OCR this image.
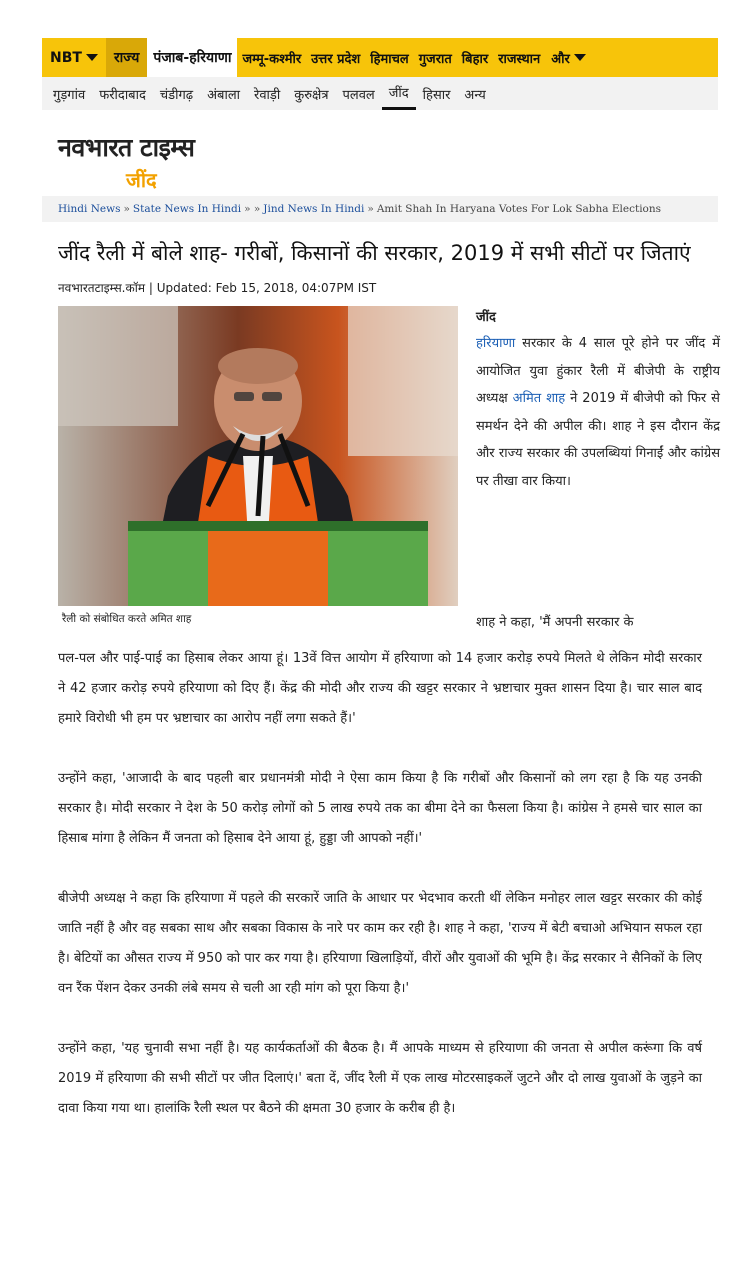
NBT	राज्य	पंजाब-हरियाणा जम्मू-कश्मीर उत्तर प्रदेश हिमाचल गुजरात बिहार राजस्थान और
गुड़गांव	फरीदाबाद	चंडीगढ़	अंबाला	रेवाड़ी	कुरुक्षेत्र	पलवल	जींद	हिसार	अन्य
नवभारत टाइम्स
जींद
Hindi News » State News In Hindi » » Jind News In Hindi » Amit Shah In Haryana Votes For Lok Sabha Elections
जींद रैली में बोले शाह- गरीबों, किसानों की सरकार, 2019 में सभी सीटों पर जिताएं
नवभारतटाइम्स.कॉम | Updated: Feb 15, 2018, 04:07PM IST
रैली को संबोधित करते अमित शाह
जींद
हरियाणा सरकार के 4 साल पूरे होने पर जींद में आयोजित युवा हुंकार रैली में बीजेपी के राष्ट्रीय अध्यक्ष अमित शाह ने 2019 में बीजेपी को फिर से समर्थन देने की अपील की। शाह ने इस दौरान केंद्र और राज्य सरकार की उपलब्धियां गिनाईं और कांग्रेस पर तीखा वार किया।
शाह ने कहा, 'मैं अपनी सरकार के

पल-पल और पाई-पाई का हिसाब लेकर आया हूं। 13वें वित्त आयोग में हरियाणा को 14 हजार करोड़ रुपये मिलते थे लेकिन मोदी सरकार ने 42 हजार करोड़ रुपये हरियाणा को दिए हैं। केंद्र की मोदी और राज्य की खट्टर सरकार ने भ्रष्टाचार मुक्त शासन दिया है। चार साल बाद हमारे विरोधी भी हम पर भ्रष्टाचार का आरोप नहीं लगा सकते हैं।'

उन्होंने कहा, 'आजादी के बाद पहली बार प्रधानमंत्री मोदी ने ऐसा काम किया है कि गरीबों और किसानों को लग रहा है कि यह उनकी सरकार है। मोदी सरकार ने देश के 50 करोड़ लोगों को 5 लाख रुपये तक का बीमा देने का फैसला किया है। कांग्रेस ने हमसे चार साल का हिसाब मांगा है लेकिन मैं जनता को हिसाब देने आया हूं, हुड्डा जी आपको नहीं।'

बीजेपी अध्यक्ष ने कहा कि हरियाणा में पहले की सरकारें जाति के आधार पर भेदभाव करती थीं लेकिन मनोहर लाल खट्टर सरकार की कोई जाति नहीं है और वह सबका साथ और सबका विकास के नारे पर काम कर रही है। शाह ने कहा, 'राज्य में बेटी बचाओ अभियान सफल रहा है। बेटियों का औसत राज्य में 950 को पार कर गया है। हरियाणा खिलाड़ियों, वीरों और युवाओं की भूमि है। केंद्र सरकार ने सैनिकों के लिए वन रैंक पेंशन देकर उनकी लंबे समय से चली आ रही मांग को पूरा किया है।'

उन्होंने कहा, 'यह चुनावी सभा नहीं है। यह कार्यकर्ताओं की बैठक है। मैं आपके माध्यम से हरियाणा की जनता से अपील करूंगा कि वर्ष 2019 में हरियाणा की सभी सीटों पर जीत दिलाएं।' बता दें, जींद रैली में एक लाख मोटरसाइकलें जुटने और दो लाख युवाओं के जुड़ने का दावा किया गया था। हालांकि रैली स्थल पर बैठने की क्षमता 30 हजार के करीब ही है।
